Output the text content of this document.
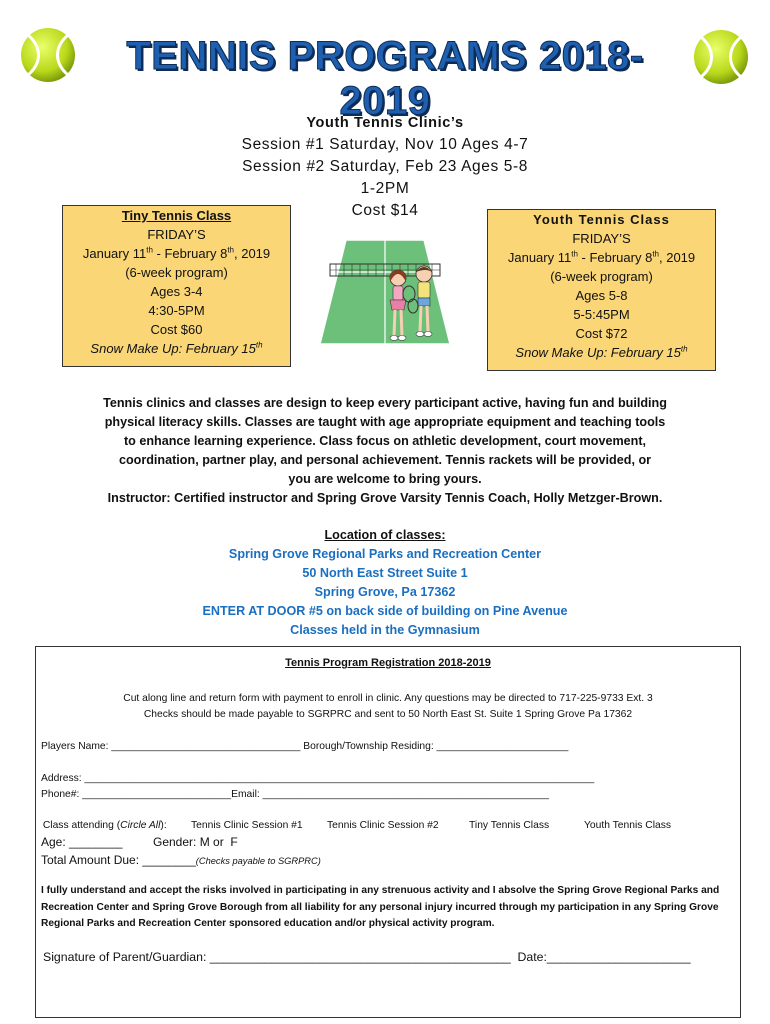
TENNIS PROGRAMS 2018-2019
Youth Tennis Clinic’s
Session #1 Saturday, Nov 10 Ages 4-7
Session #2 Saturday, Feb 23 Ages 5-8
1-2PM
Cost $14
Tiny Tennis Class
FRIDAY’S
January 11th - February 8th, 2019
(6-week program)
Ages 3-4
4:30-5PM
Cost $60
Snow Make Up: February 15th
Youth Tennis Class
FRIDAY’S
January 11th - February 8th, 2019
(6-week program)
Ages 5-8
5-5:45PM
Cost $72
Snow Make Up: February 15th
Tennis clinics and classes are design to keep every participant active, having fun and building
physical literacy skills. Classes are taught with age appropriate equipment and teaching tools
to enhance learning experience. Class focus on athletic development, court movement,
coordination, partner play, and personal achievement. Tennis rackets will be provided, or
you are welcome to bring yours.
Instructor: Certified instructor and Spring Grove Varsity Tennis Coach, Holly Metzger-Brown.
Location of classes:
Spring Grove Regional Parks and Recreation Center
50 North East Street Suite 1
Spring Grove, Pa 17362
ENTER AT DOOR #5 on back side of building on Pine Avenue
Classes held in the Gymnasium
Tennis Program Registration 2018-2019
Cut along line and return form with payment to enroll in clinic. Any questions may be directed to 717-225-9733 Ext. 3
Checks should be made payable to SGRPRC and sent to 50 North East St. Suite 1 Spring Grove Pa 17362
Players Name: _________________________________ Borough/Township Residing: _______________________
Address: _________________________________________________________________________________________
Phone#: __________________________Email: __________________________________________________
Class attending (Circle All): Tennis Clinic Session #1 Tennis Clinic Session #2	Tiny Tennis Class	Youth Tennis Class
Age: ________	Gender: M or  F
Total Amount Due: ________(Checks payable to SGRPRC)
I fully understand and accept the risks involved in participating in any strenuous activity and I absolve the Spring Grove Regional Parks and Recreation Center and Spring Grove Borough from all liability for any personal injury incurred through my participation in any Spring Grove Regional Parks and Recreation Center sponsored education and/or physical activity program.
Signature of Parent/Guardian: ____________________________________________  Date:_____________________
